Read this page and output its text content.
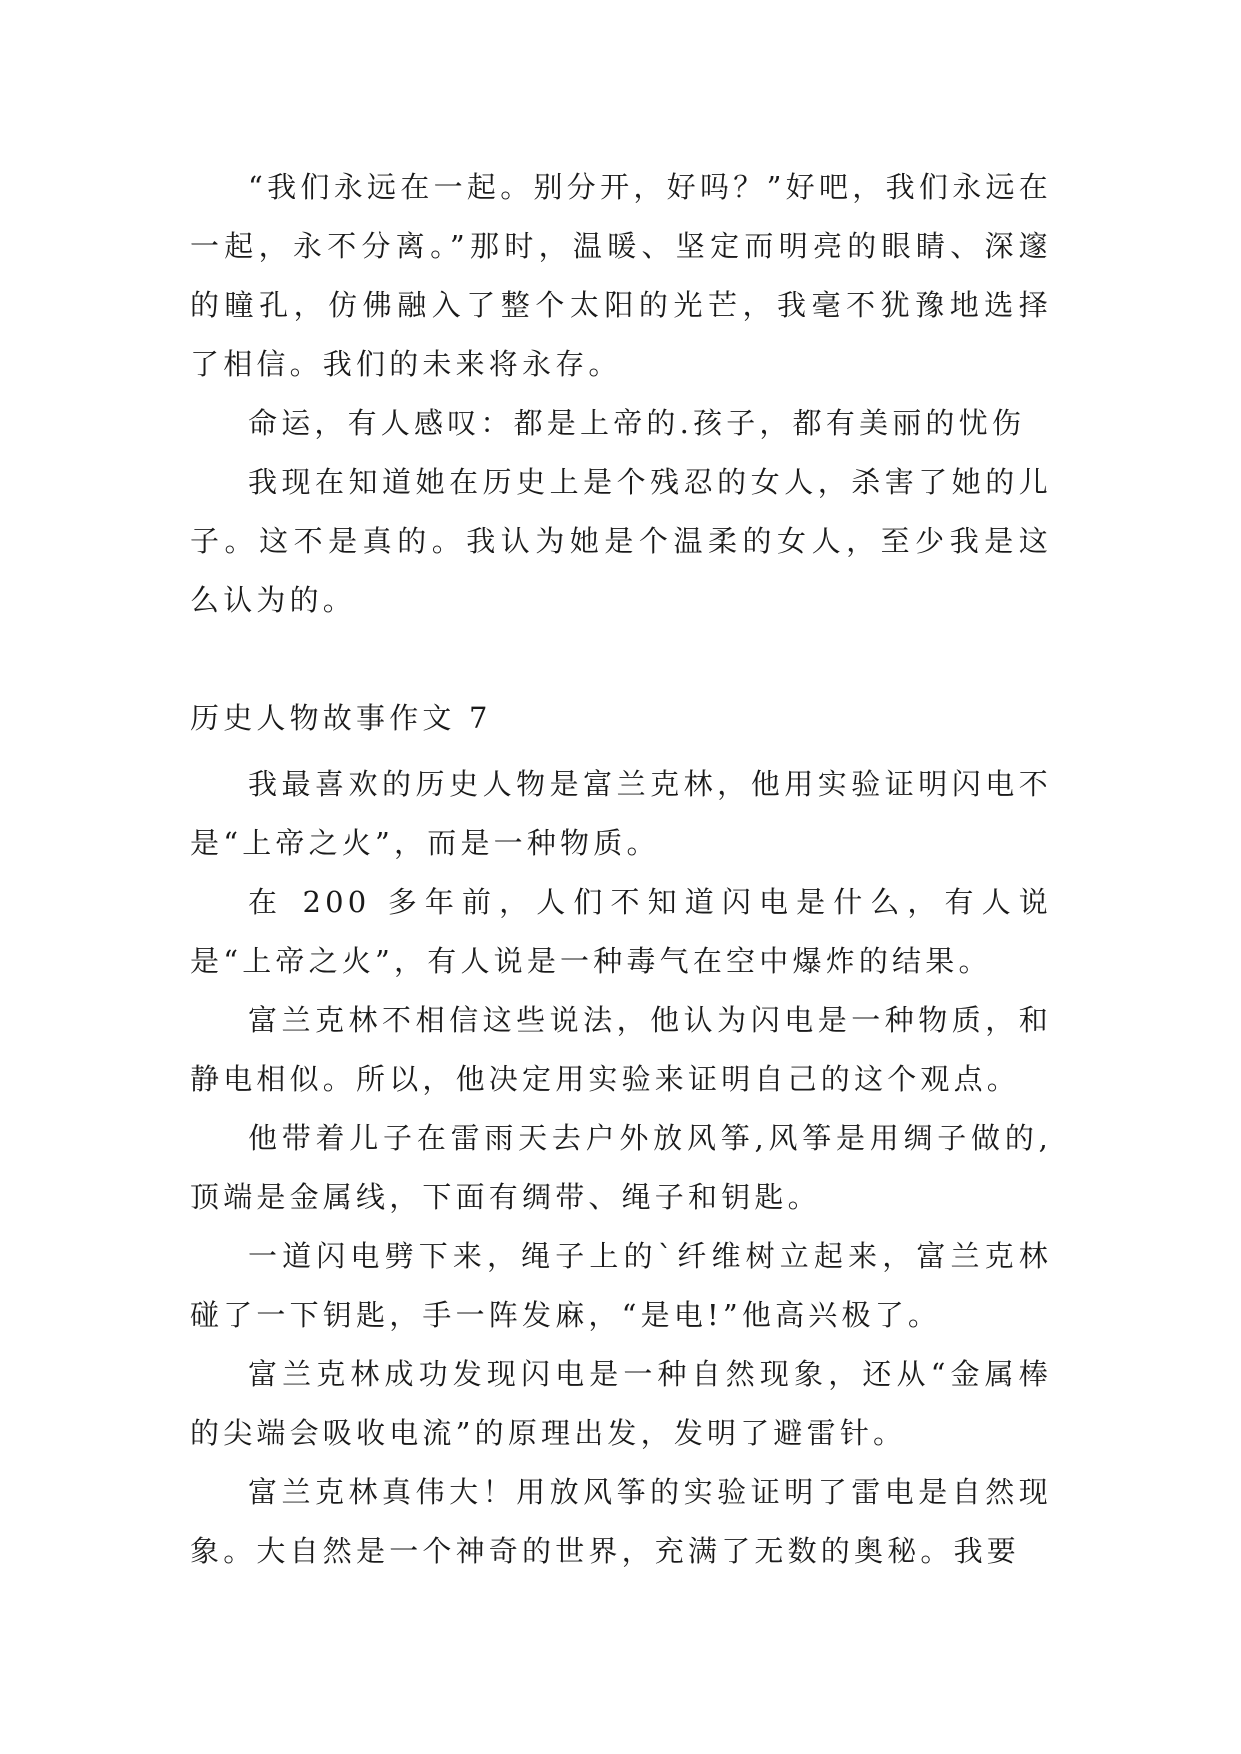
“我们永远在一起。别分开，好吗？”好吧，我们永远在一起，永不分离。”那时，温暖、坚定而明亮的眼睛、深邃的瞳孔，仿佛融入了整个太阳的光芒，我毫不犹豫地选择了相信。我们的未来将永存。

命运，有人感叹：都是上帝的.孩子，都有美丽的忧伤

我现在知道她在历史上是个残忍的女人，杀害了她的儿子。这不是真的。我认为她是个温柔的女人，至少我是这么认为的。

历史人物故事作文 7

我最喜欢的历史人物是富兰克林，他用实验证明闪电不是“上帝之火”，而是一种物质。

在 200 多年前，人们不知道闪电是什么，有人说是“上帝之火”，有人说是一种毒气在空中爆炸的结果。

富兰克林不相信这些说法，他认为闪电是一种物质，和静电相似。所以，他决定用实验来证明自己的这个观点。

他带着儿子在雷雨天去户外放风筝,风筝是用绸子做的,顶端是金属线，下面有绸带、绳子和钥匙。

一道闪电劈下来，绳子上的`纤维树立起来，富兰克林碰了一下钥匙，手一阵发麻，“是电!”他高兴极了。

富兰克林成功发现闪电是一种自然现象，还从“金属棒的尖端会吸收电流”的原理出发，发明了避雷针。

富兰克林真伟大！用放风筝的实验证明了雷电是自然现象。大自然是一个神奇的世界，充满了无数的奥秘。我要
